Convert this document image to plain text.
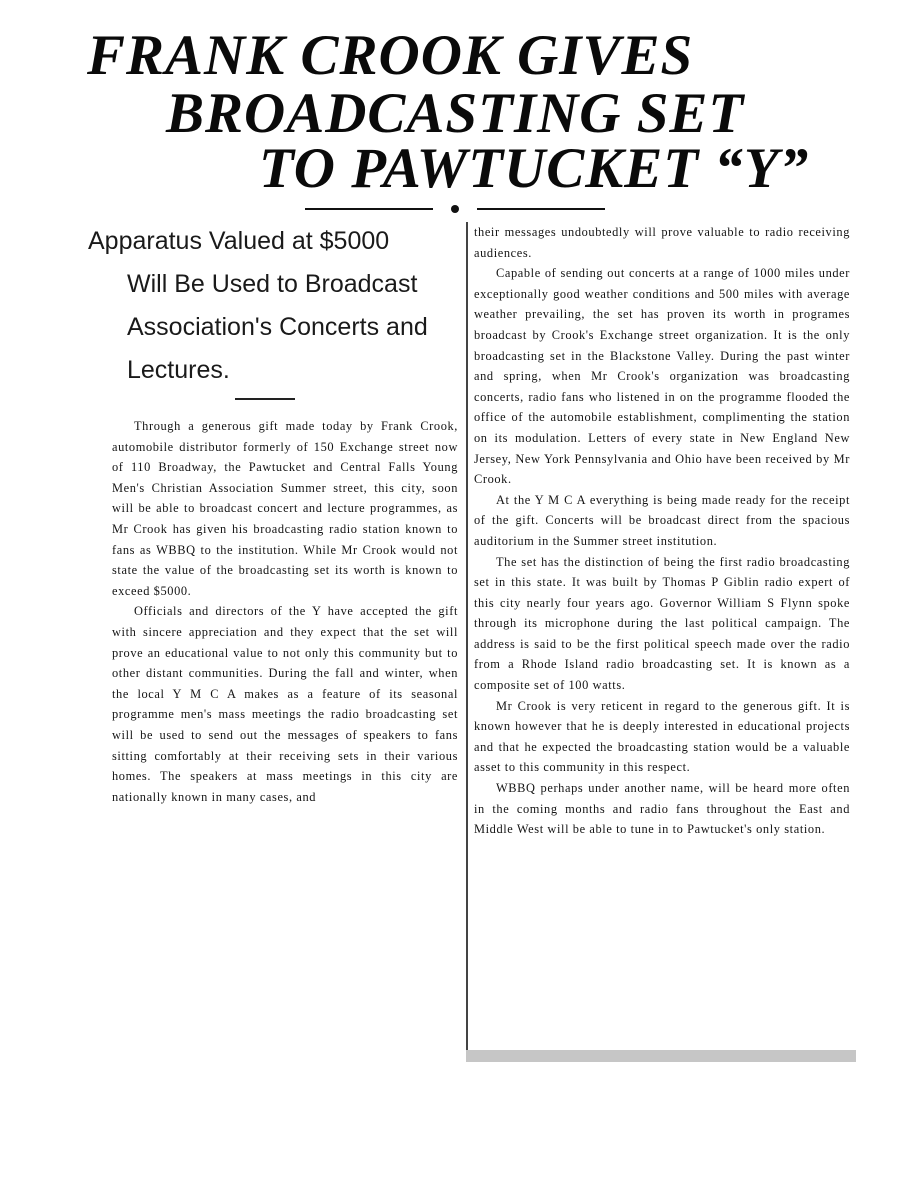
FRANK CROOK GIVES
BROADCASTING SET
TO PAWTUCKET “Y”
Apparatus Valued at $5000
Will Be Used to Broadcast
Association's Concerts and
Lectures.

Through a generous gift made today by Frank Crook, automobile distributor formerly of 150 Exchange street now of 110 Broadway, the Pawtucket and Central Falls Young Men's Christian Association Summer street, this city, soon will be able to broadcast concert and lecture programmes, as Mr Crook has given his broadcasting radio station known to fans as WBBQ to the institution. While Mr Crook would not state the value of the broadcasting set its worth is known to exceed $5000.

Officials and directors of the Y have accepted the gift with sincere appreciation and they expect that the set will prove an educational value to not only this community but to other distant communities. During the fall and winter, when the local Y M C A makes as a feature of its seasonal programme men's mass meetings the radio broadcasting set will be used to send out the messages of speakers to fans sitting comfortably at their receiving sets in their various homes. The speakers at mass meetings in this city are nationally known in many cases, and

their messages undoubtedly will prove valuable to radio receiving audiences.

Capable of sending out concerts at a range of 1000 miles under exceptionally good weather conditions and 500 miles with average weather prevailing, the set has proven its worth in programes broadcast by Crook's Exchange street organization. It is the only broadcasting set in the Blackstone Valley. During the past winter and spring, when Mr Crook's organization was broadcasting concerts, radio fans who listened in on the programme flooded the office of the automobile establishment, complimenting the station on its modulation. Letters of every state in New England New Jersey, New York Pennsylvania and Ohio have been received by Mr Crook.

At the Y M C A everything is being made ready for the receipt of the gift. Concerts will be broadcast direct from the spacious auditorium in the Summer street institution.

The set has the distinction of being the first radio broadcasting set in this state. It was built by Thomas P Giblin radio expert of this city nearly four years ago. Governor William S Flynn spoke through its microphone during the last political campaign. The address is said to be the first political speech made over the radio from a Rhode Island radio broadcasting set. It is known as a composite set of 100 watts.

Mr Crook is very reticent in regard to the generous gift. It is known however that he is deeply interested in educational projects and that he expected the broadcasting station would be a valuable asset to this community in this respect.

WBBQ perhaps under another name, will be heard more often in the coming months and radio fans throughout the East and Middle West will be able to tune in to Pawtucket's only station.
